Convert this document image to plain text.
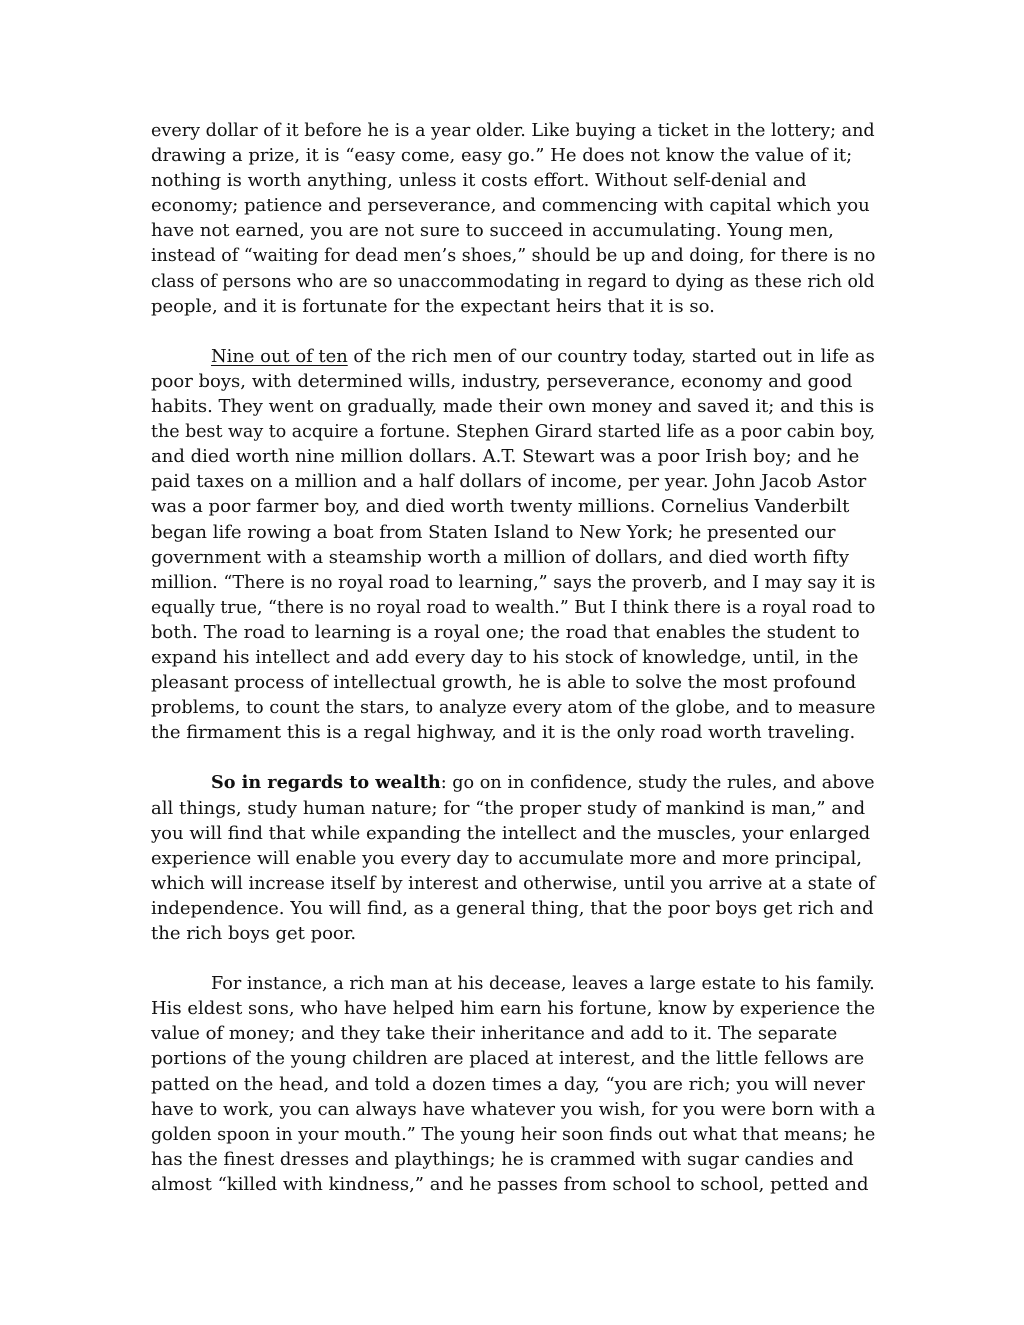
every dollar of it before he is a year older. Like buying a ticket in the lottery; and
drawing a prize, it is “easy come, easy go.” He does not know the value of it;
nothing is worth anything, unless it costs effort. Without self-denial and
economy; patience and perseverance, and commencing with capital which you
have not earned, you are not sure to succeed in accumulating. Young men,
instead of “waiting for dead men’s shoes,” should be up and doing, for there is no
class of persons who are so unaccommodating in regard to dying as these rich old
people, and it is fortunate for the expectant heirs that it is so.
Nine out of ten of the rich men of our country today, started out in life as
poor boys, with determined wills, industry, perseverance, economy and good
habits. They went on gradually, made their own money and saved it; and this is
the best way to acquire a fortune. Stephen Girard started life as a poor cabin boy,
and died worth nine million dollars. A.T. Stewart was a poor Irish boy; and he
paid taxes on a million and a half dollars of income, per year. John Jacob Astor
was a poor farmer boy, and died worth twenty millions. Cornelius Vanderbilt
began life rowing a boat from Staten Island to New York; he presented our
government with a steamship worth a million of dollars, and died worth fifty
million. “There is no royal road to learning,” says the proverb, and I may say it is
equally true, “there is no royal road to wealth.” But I think there is a royal road to
both. The road to learning is a royal one; the road that enables the student to
expand his intellect and add every day to his stock of knowledge, until, in the
pleasant process of intellectual growth, he is able to solve the most profound
problems, to count the stars, to analyze every atom of the globe, and to measure
the firmament this is a regal highway, and it is the only road worth traveling.
So in regards to wealth: go on in confidence, study the rules, and above
all things, study human nature; for “the proper study of mankind is man,” and
you will find that while expanding the intellect and the muscles, your enlarged
experience will enable you every day to accumulate more and more principal,
which will increase itself by interest and otherwise, until you arrive at a state of
independence. You will find, as a general thing, that the poor boys get rich and
the rich boys get poor.
For instance, a rich man at his decease, leaves a large estate to his family.
His eldest sons, who have helped him earn his fortune, know by experience the
value of money; and they take their inheritance and add to it. The separate
portions of the young children are placed at interest, and the little fellows are
patted on the head, and told a dozen times a day, “you are rich; you will never
have to work, you can always have whatever you wish, for you were born with a
golden spoon in your mouth.” The young heir soon finds out what that means; he
has the finest dresses and playthings; he is crammed with sugar candies and
almost “killed with kindness,” and he passes from school to school, petted and
